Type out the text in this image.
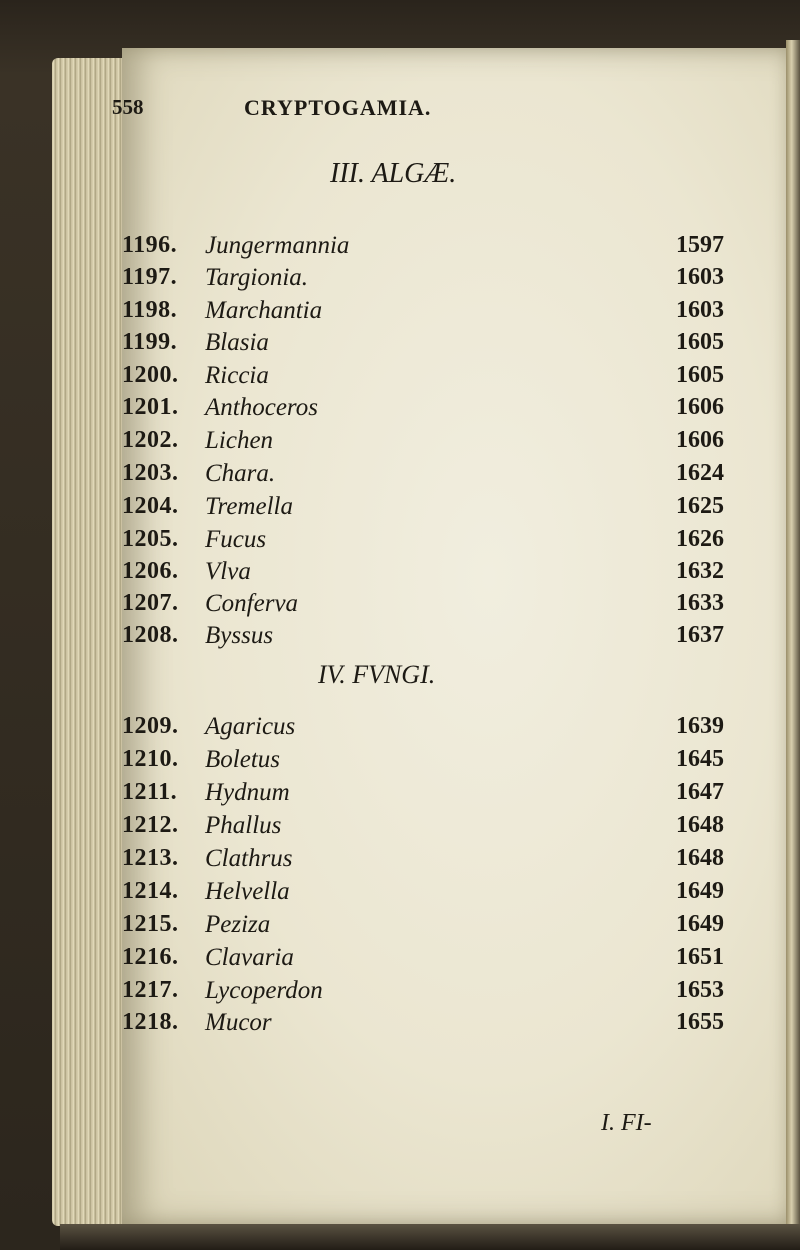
558	CRYPTOGAMIA.
III. ALGÆ.
1196. Jungermannia	1597
1197. Targionia.	1603
1198. Marchantia	1603
1199. Blasia	1605
1200. Riccia	1605
1201. Anthoceros	1606
1202. Lichen	1606
1203. Chara.	1624
1204. Tremella	1625
1205. Fucus	1626
1206. Vlva	1632
1207. Conferva	1633
1208. Byssus	1637
IV. FVNGI.
1209. Agaricus	1639
1210. Boletus	1645
1211. Hydnum	1647
1212. Phallus	1648
1213. Clathrus	1648
1214. Helvella	1649
1215. Peziza	1649
1216. Clavaria	1651
1217. Lycoperdon	1653
1218. Mucor	1655
I. FI-
